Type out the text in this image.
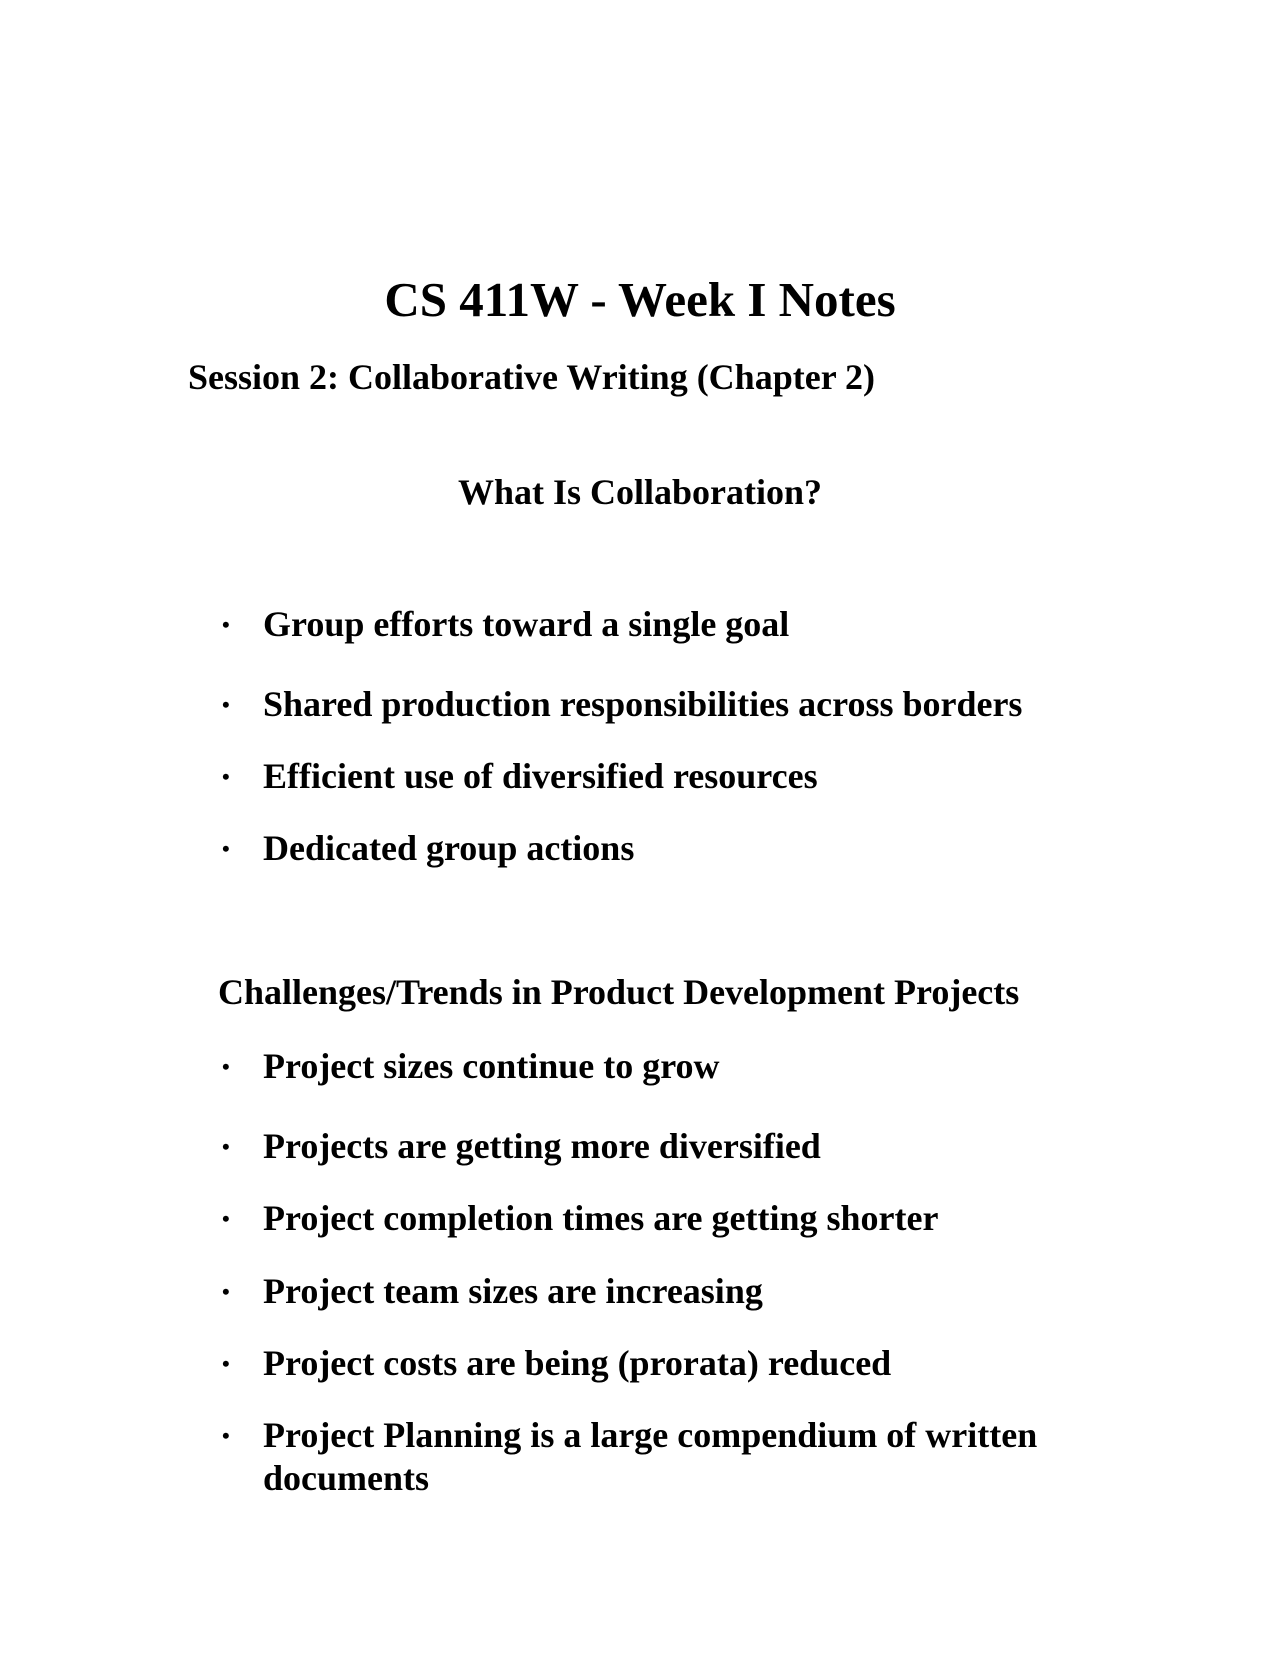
CS 411W - Week I Notes
Session 2: Collaborative Writing (Chapter 2)
What Is Collaboration?
• Group efforts toward a single goal
• Shared production responsibilities across borders
• Efficient use of diversified resources
• Dedicated group actions
Challenges/Trends in Product Development Projects
• Project sizes continue to grow
• Projects are getting more diversified
• Project completion times are getting shorter
• Project team sizes are increasing
• Project costs are being (prorata) reduced
• Project Planning is a large compendium of written documents
